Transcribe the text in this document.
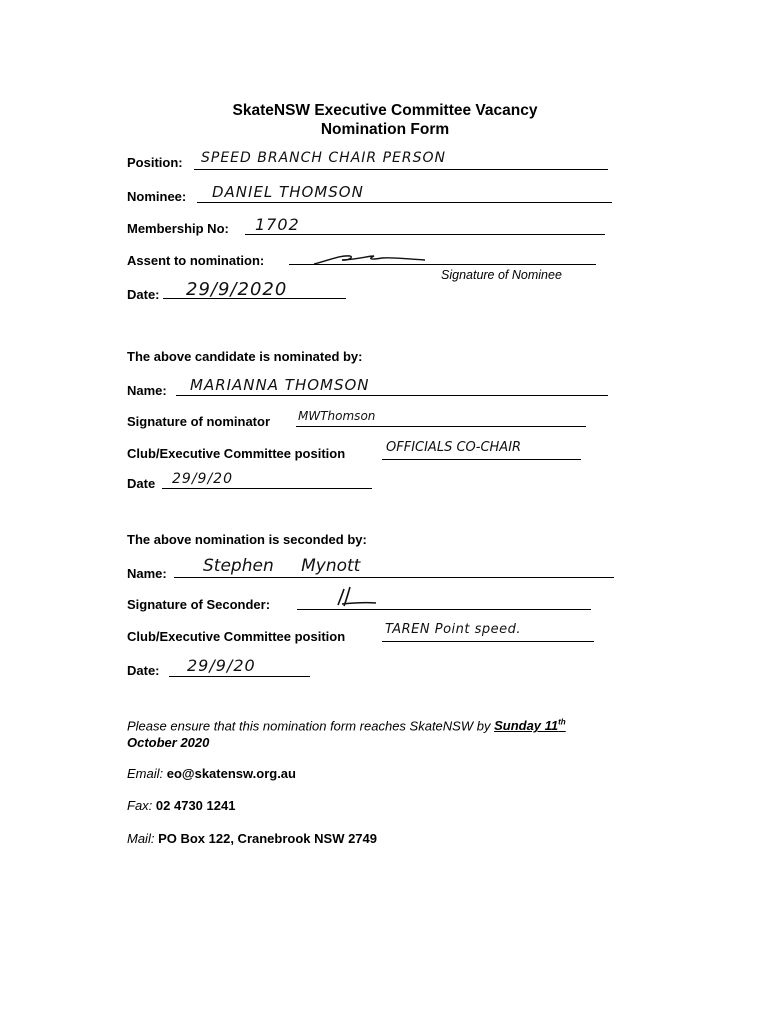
SkateNSW Executive Committee Vacancy
Nomination Form
Position: SPEED BRANCH CHAIR PERSON
Nominee: DANIEL THOMSON
Membership No: 1702
Assent to nomination:
Signature of Nominee
Date: 29/9/2020
The above candidate is nominated by:
Name: MARIANNA THOMSON
Signature of nominator MWThomson
Club/Executive Committee position	OFFICIALS CO-CHAIR
Date 29/9/20
The above nomination is seconded by:
Name: Stephen Mynott
Signature of Seconder:
Club/Executive Committee position	TAREN Point speed.
Date: 29/9/20
Please ensure that this nomination form reaches SkateNSW by Sunday 11th
October 2020
Email: eo@skatensw.org.au
Fax: 02 4730 1241
Mail: PO Box 122, Cranebrook NSW 2749
